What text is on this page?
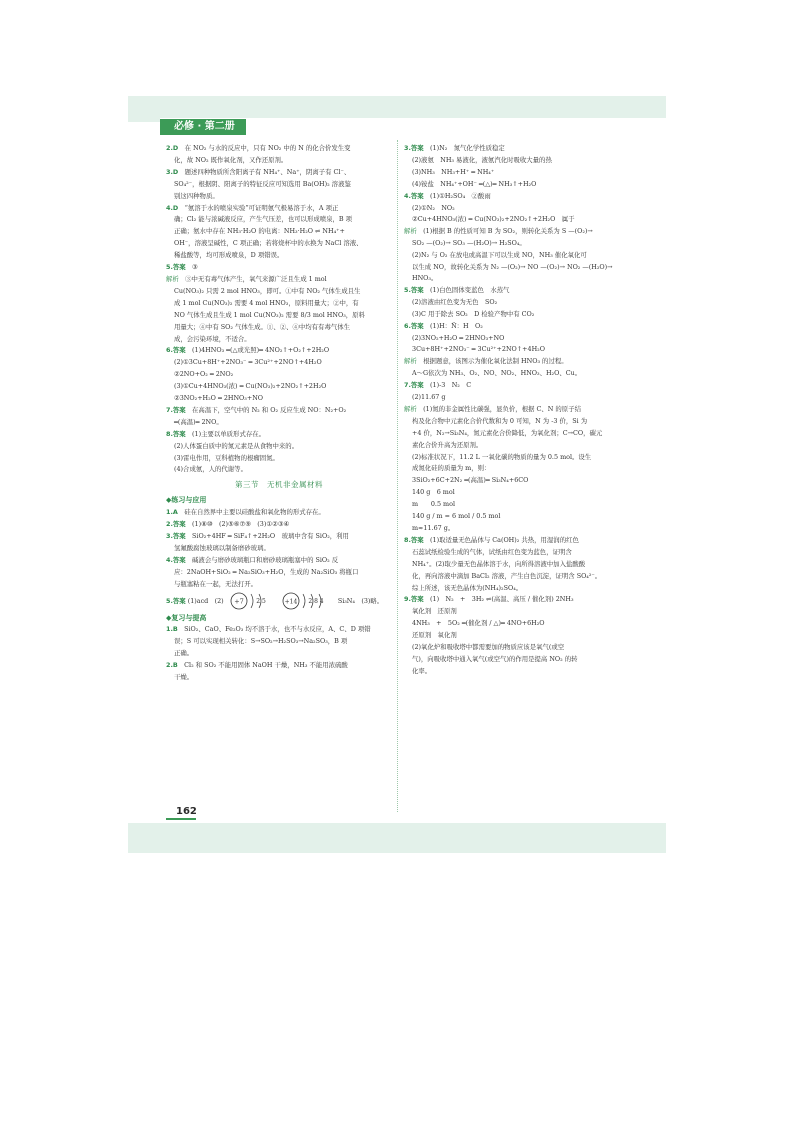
必修 · 第二册
2.D　在 NO₂ 与水的反应中，只有 NO₂ 中的 N 的化合价发生变
化，故 NO₂ 既作氧化剂，又作还原剂。
3.D　题述四种物质所含阳离子有 NH₄⁺、Na⁺，阴离子有 Cl⁻、
SO₄²⁻，根据阴、阳离子的特征反应可知选用 Ba(OH)₂ 溶液鉴
别这四种物质。
4.D　“氨溶于水的喷泉实验”可证明氨气极易溶于水，A 项正
确；Cl₂ 能与浓碱液反应，产生气压差，也可以形成喷泉，B 项
正确；氨水中存在 NH₃·H₂O 的电离：NH₃·H₂O ⇌ NH₄⁺+
OH⁻，溶液呈碱性，C 项正确；若将烧杯中的水换为 NaCl 溶液、
稀盐酸等，均可形成喷泉，D 项错误。
5.答案　③
解析　③中无有毒气体产生，氧气来源广泛且生成 1 mol
Cu(NO₃)₂ 只需 2 mol HNO₃，即可。①中有 NO₂ 气体生成且生
成 1 mol Cu(NO₃)₂ 需要 4 mol HNO₃，原料用量大；②中，有
NO 气体生成且生成 1 mol Cu(NO₃)₂ 需要 8/3 mol HNO₃，原料
用量大；④中有 SO₂ 气体生成。①、②、④中均有有毒气体生
成，会污染环境，不适合。
6.答案　(1)4HNO₃ ═(△或光照)═ 4NO₂↑+O₂↑+2H₂O
(2)①3Cu+8H⁺+2NO₃⁻ ═ 3Cu²⁺+2NO↑+4H₂O
②2NO+O₂ ═ 2NO₂
(3)①Cu+4HNO₃(浓) ═ Cu(NO₃)₂+2NO₂↑+2H₂O
②3NO₂+H₂O ═ 2HNO₃+NO
7.答案　在高温下，空气中的 N₂ 和 O₂ 反应生成 NO：N₂+O₂
═(高温)═ 2NO。
8.答案　(1)主要以单质形式存在。
(2)人体蛋白质中的氮元素是从食物中来的。
(3)雷电作用，豆科植物的根瘤固氮。
(4)合成氨，人的代谢等。
第三节　无机非金属材料
◆练习与应用
1.A　硅在自然界中主要以硅酸盐和氧化物的形式存在。
2.答案　(1)⑧⑩　(2)⑤⑥⑦⑨　(3)①②③④
3.答案　SiO₂+4HF ═ SiF₄↑+2H₂O　玻璃中含有 SiO₂，利用
氢氟酸腐蚀玻璃以制备磨砂玻璃。
4.答案　碱液会与磨砂玻璃瓶口和磨砂玻璃瓶塞中的 SiO₂ 反
应：2NaOH+SiO₂ ═ Na₂SiO₃+H₂O，生成的 Na₂SiO₃ 将瓶口
与瓶塞粘在一起，无法打开。
5.答案 (1)acd　(2) +7 2 5
	+14 2 8 4 Si₃N₄　(3)略。
◆复习与提高
1.B　SiO₂、CaO、Fe₂O₃ 均不溶于水，也不与水反应，A、C、D 项错
误；S 可以实现相关转化：S→SO₂→H₂SO₃→Na₂SO₃，B 项
正确。
2.B　Cl₂ 和 SO₂ 不能用固体 NaOH 干燥，NH₃ 不能用浓硫酸
干燥。
3.答案　(1)N₂　氮气化学性质稳定
(2)液氨　NH₃ 易液化，液氨汽化时吸收大量的热
(3)NH₃　NH₃+H⁺ ═ NH₄⁺
(4)铵盐　NH₄⁺+OH⁻ ═(△)═ NH₃↑+H₂O
4.答案　(1)①H₂SO₄　②酸雨
(2)①N₂　NO₂
②Cu+4HNO₃(浓) ═ Cu(NO₃)₂+2NO₂↑+2H₂O　属于
解析　(1)根据 B 的性质可知 B 为 SO₂，则转化关系为 S —(O₂)→
SO₂ —(O₂)→ SO₃ —(H₂O)→ H₂SO₄。
(2)N₂ 与 O₂ 在放电或高温下可以生成 NO，NH₃ 催化氧化可
以生成 NO，故转化关系为 N₂ —(O₂)→ NO —(O₂)→ NO₂ —(H₂O)→ HNO₃。
5.答案　(1)白色固体变蓝色　水蒸气
(2)溶液由红色变为无色　SO₂
(3)C 用于除去 SO₂　D 检验产物中有 CO₂
6.答案　(1)H：N̈：H　O₂
(2)3NO₂+H₂O ═ 2HNO₃+NO
3Cu+8H⁺+2NO₃⁻ ═ 3Cu²⁺+2NO↑+4H₂O
解析　根据题意，该图示为催化氧化法制 HNO₃ 的过程。
A～G依次为 NH₃、O₂、NO、NO₂、HNO₃、H₂O、Cu。
7.答案　(1)-3　N₂　C
(2)11.67 g
解析　(1)氮的非金属性比碳强，显负价，根据 C、N 的原子结
构及化合物中元素化合价代数和为 0 可知，N 为 -3 价，Si 为
+4 价，N₂→Si₃N₄，氮元素化合价降低，为氧化剂；C→CO，碳元
素化合价升高为还原剂。
(2)标准状况下，11.2 L 一氧化碳的物质的量为 0.5 mol。设生
成氮化硅的质量为 m，则：
3SiO₂+6C+2N₂ ═(高温)═ Si₃N₄+6CO
140 g　6 mol
m　　0.5 mol
140 g / m = 6 mol / 0.5 mol
m≈11.67 g。
8.答案　(1)取适量无色晶体与 Ca(OH)₂ 共热，用湿润的红色
石蕊试纸检验生成的气体，试纸由红色变为蓝色，证明含
NH₄⁺。(2)取少量无色晶体溶于水，向所得溶液中加入盐酸酸
化，再向溶液中滴加 BaCl₂ 溶液，产生白色沉淀，证明含 SO₄²⁻。
综上所述，该无色晶体为(NH₄)₂SO₄。
9.答案　(1)　N₂　+　3H₂ ⇌(高温、高压 / 催化剂) 2NH₃
氧化剂　还原剂
4NH₃　+　5O₂ ═(催化剂 / △)═ 4NO+6H₂O
还原剂　氧化剂
(2)氧化炉和吸收塔中都需要加的物质应该是氧气(或空
气)，向吸收塔中通入氧气(或空气)的作用是提高 NO₂ 的转
化率。
162
